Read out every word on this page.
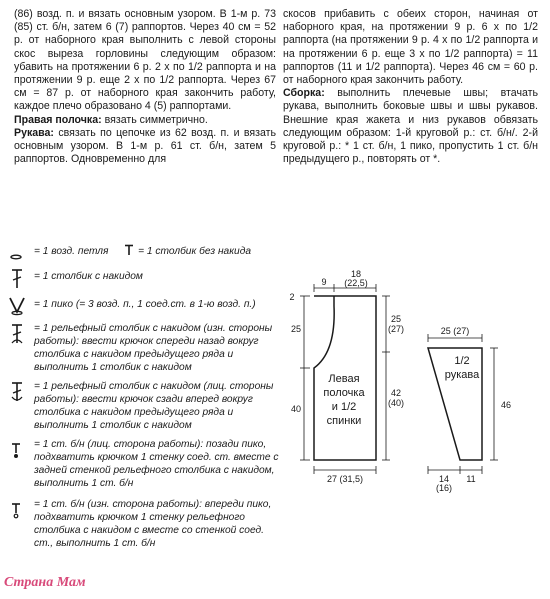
(86) возд. п. и вязать основным узором. В 1-м р. 73 (85) ст. б/н, затем 6 (7) раппортов. Через 40 см = 52 р. от наборного края выполнить с левой стороны скос выреза горловины следующим образом: убавить на протяжении 6 р. 2 х по 1/2 раппорта и на протяжении 9 р. еще 2 х по 1/2 раппорта. Через 67 см = 87 р. от наборного края закончить работу, каждое плечо образовано 4 (5) раппортами.

Правая полочка: вязать симметрично.

Рукава: связать по цепочке из 62 возд. п. и вязать основным узором. В 1-м р. 61 ст. б/н, затем 5 раппортов. Одновременно для

скосов прибавить с обеих сторон, начиная от наборного края, на протяжении 9 р. 6 х по 1/2 раппорта (на протяжении 9 р. 4 х по 1/2 раппорта и на протяжении 6 р. еще 3 х по 1/2 раппорта) = 11 раппортов (11 и 1/2 раппорта). Через 46 см = 60 р. от наборного края закончить работу.

Сборка: выполнить плечевые швы; втачать рукава, выполнить боковые швы и швы рукавов. Внешние края жакета и низ рукавов обвязать следующим образом: 1-й круговой р.: ст. б/н/. 2-й круговой р.: * 1 ст. б/н, 1 пико, пропустить 1 ст. б/н предыдущего р., повторять от *.

= 1 возд. петля	= 1 столбик без накида
= 1 столбик с накидом
= 1 пико (= 3 возд. п., 1 соед.ст. в 1-ю возд. п.)
= 1 рельефный столбик с накидом (изн. стороны работы): ввести крючок спереди назад вокруг столбика с накидом предыдущего ряда и выполнить 1 столбик с накидом
= 1 рельефный столбик с накидом (лиц. стороны работы): ввести крючок сзади вперед вокруг столбика с накидом предыдущего ряда и выполнить 1 столбик с накидом
= 1 ст. б/н (лиц. сторона работы): позади пико, подхватить крючком 1 стенку соед. ст. вместе с задней стенкой рельефного столбика с накидом, выполнить 1 ст. б/н
= 1 ст. б/н (изн. сторона работы): впереди пико, подхватить крючком 1 стенку рельефного столбика с накидом с вместе со стенкой соед. ст., выполнить 1 ст. б/н
9
18
(22,5)
2
25
40
25
(27)
42
(40)
27 (31,5)
Левая
полочка
и 1/2
спинки
25 (27)
46
14
(16)
11
1/2
рукава
Страна Мам
